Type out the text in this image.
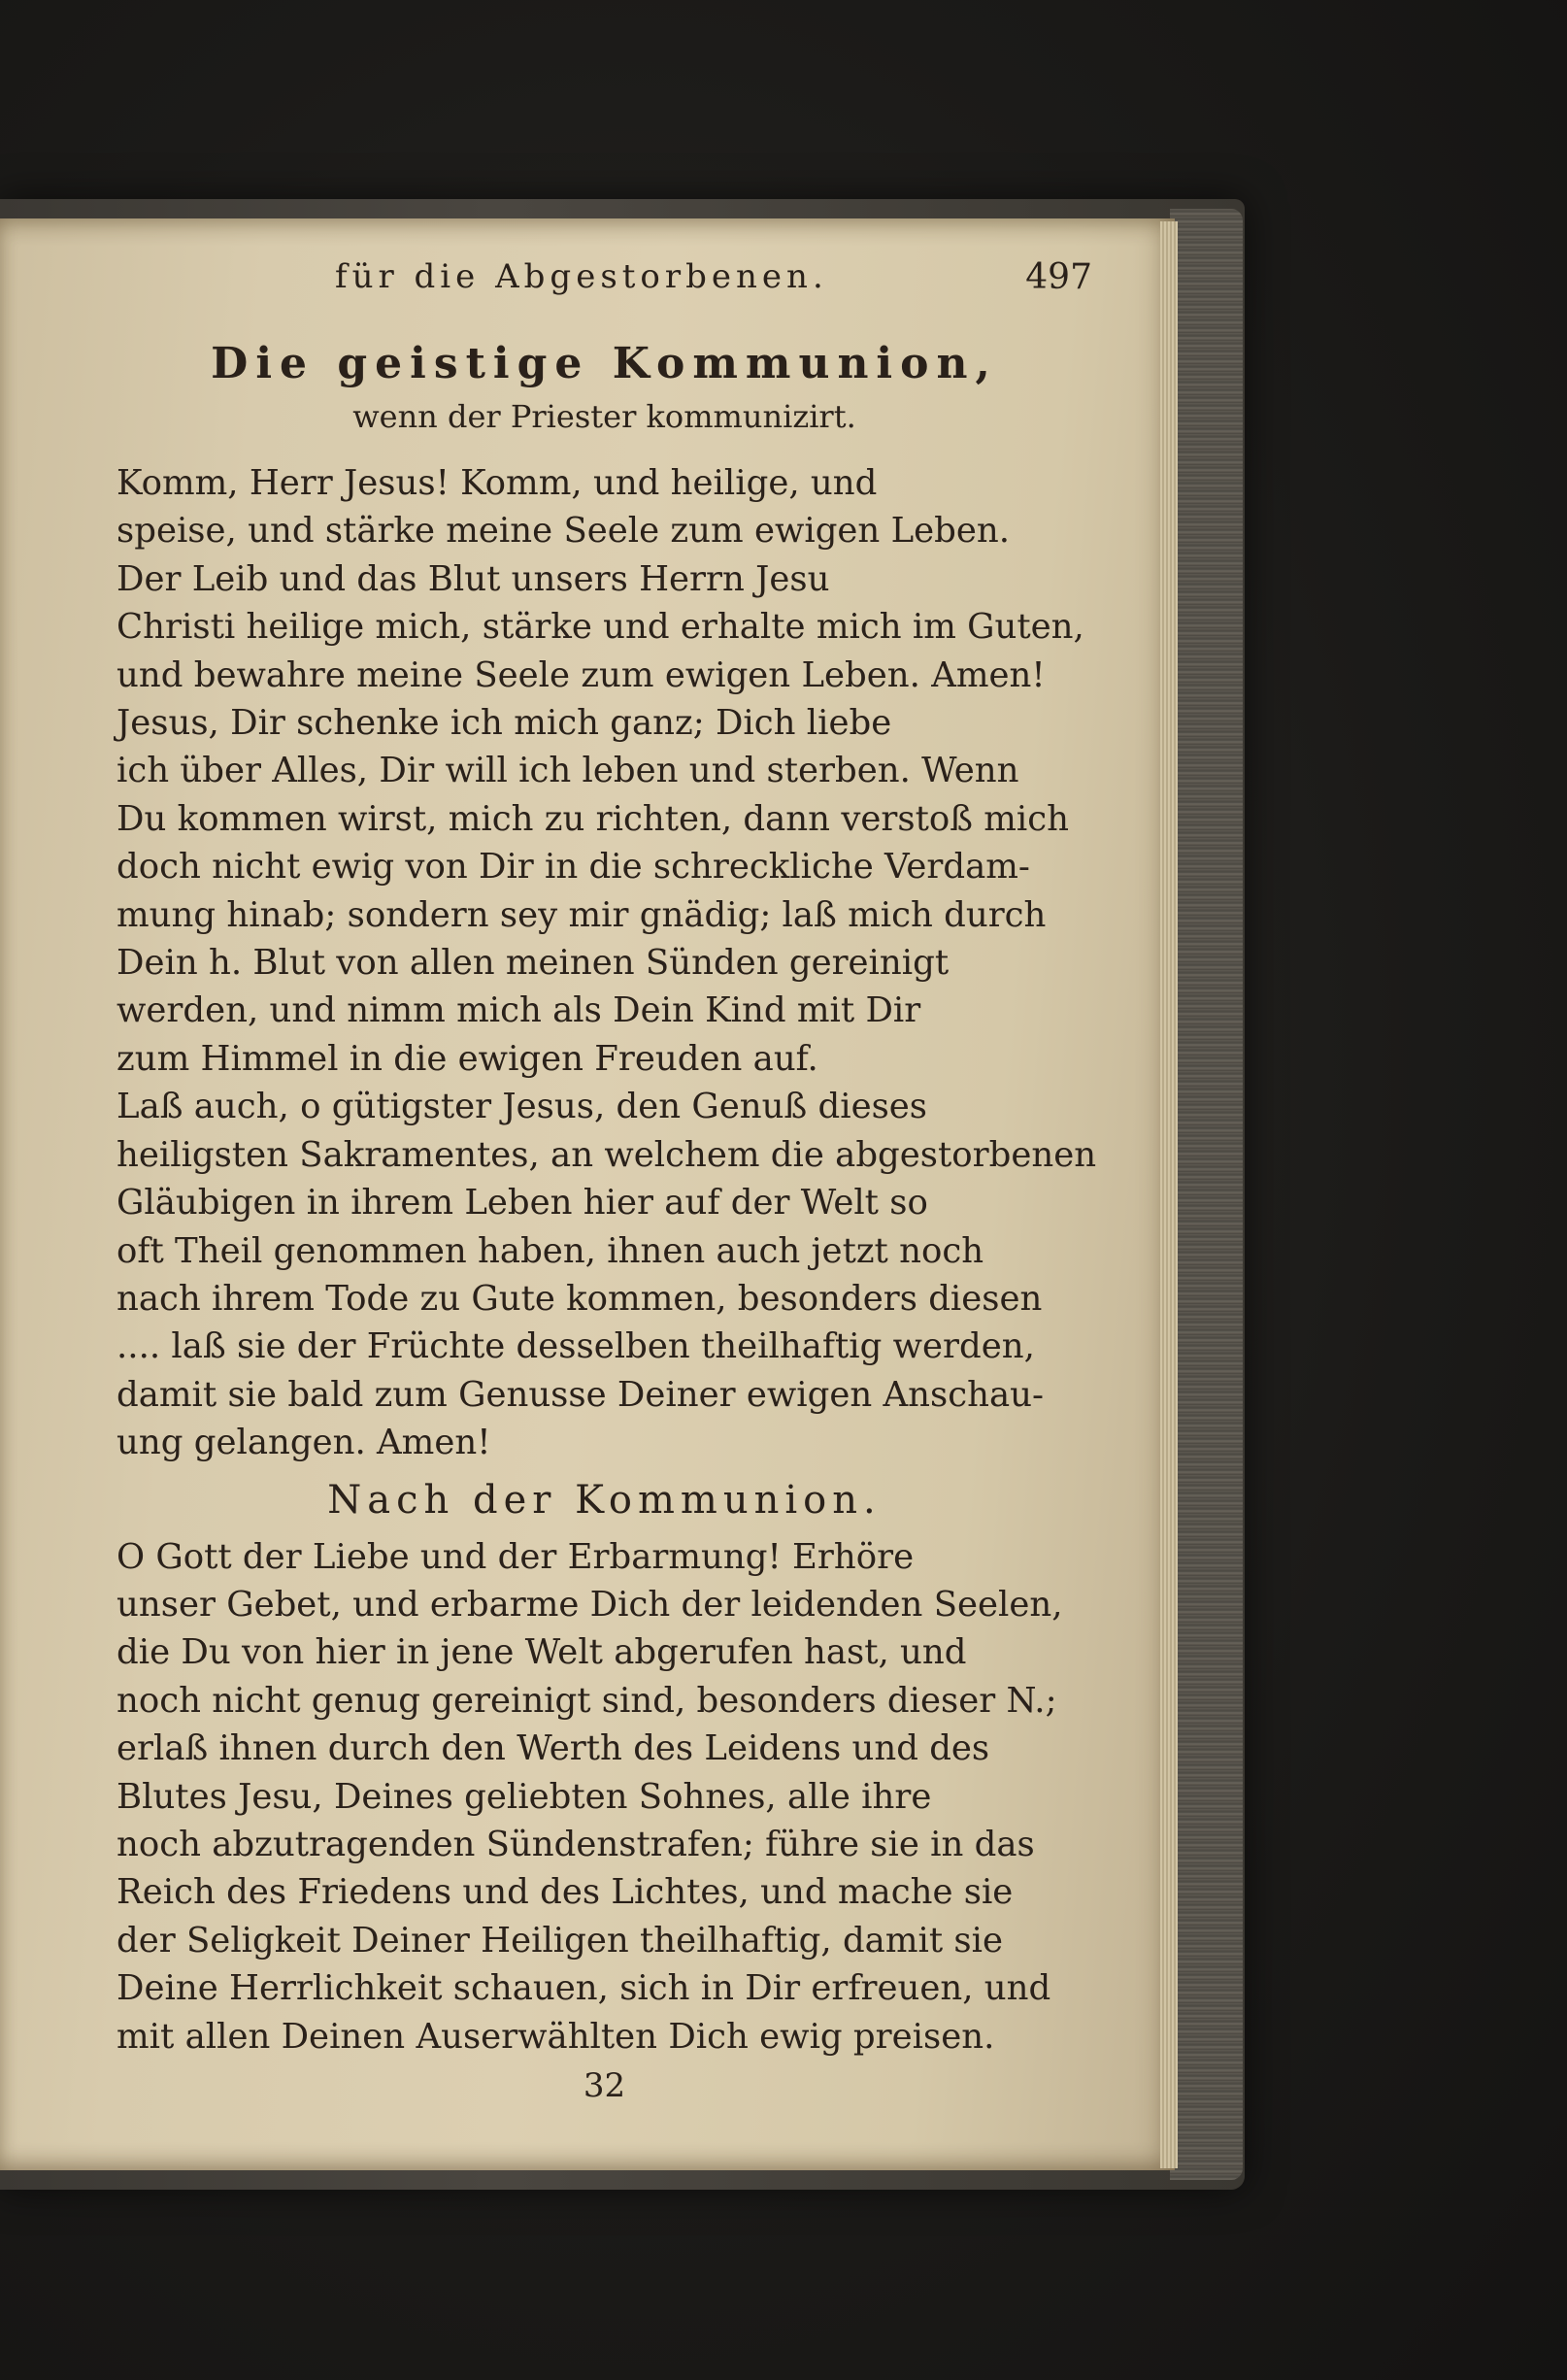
für die Abgestorbenen.	497
Die geistige Kommunion,
wenn der Priester kommunizirt.
Komm, Herr Jesus! Komm, und heilige, und
speise, und stärke meine Seele zum ewigen Leben.
Der Leib und das Blut unsers Herrn Jesu
Christi heilige mich, stärke und erhalte mich im Guten,
und bewahre meine Seele zum ewigen Leben. Amen!
Jesus, Dir schenke ich mich ganz; Dich liebe
ich über Alles, Dir will ich leben und sterben. Wenn
Du kommen wirst, mich zu richten, dann verstoß mich
doch nicht ewig von Dir in die schreckliche Verdam-
mung hinab; sondern sey mir gnädig; laß mich durch
Dein h. Blut von allen meinen Sünden gereinigt
werden, und nimm mich als Dein Kind mit Dir
zum Himmel in die ewigen Freuden auf.
Laß auch, o gütigster Jesus, den Genuß dieses
heiligsten Sakramentes, an welchem die abgestorbenen
Gläubigen in ihrem Leben hier auf der Welt so
oft Theil genommen haben, ihnen auch jetzt noch
nach ihrem Tode zu Gute kommen, besonders diesen
.... laß sie der Früchte desselben theilhaftig werden,
damit sie bald zum Genusse Deiner ewigen Anschau-
ung gelangen. Amen!
Nach der Kommunion.
O Gott der Liebe und der Erbarmung! Erhöre
unser Gebet, und erbarme Dich der leidenden Seelen,
die Du von hier in jene Welt abgerufen hast, und
noch nicht genug gereinigt sind, besonders dieser N.;
erlaß ihnen durch den Werth des Leidens und des
Blutes Jesu, Deines geliebten Sohnes, alle ihre
noch abzutragenden Sündenstrafen; führe sie in das
Reich des Friedens und des Lichtes, und mache sie
der Seligkeit Deiner Heiligen theilhaftig, damit sie
Deine Herrlichkeit schauen, sich in Dir erfreuen, und
mit allen Deinen Auserwählten Dich ewig preisen.
32
